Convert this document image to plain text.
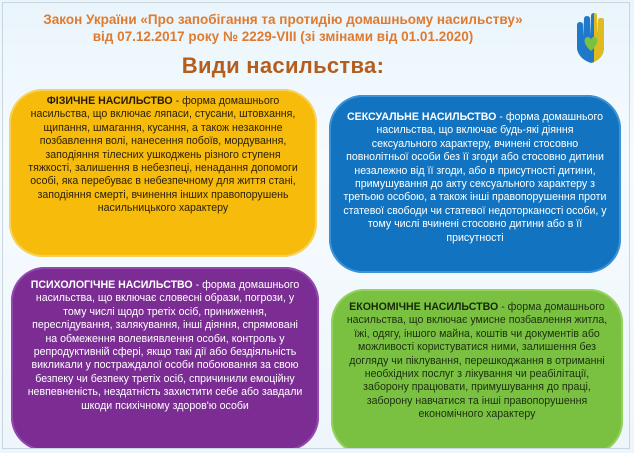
Закон України «Про запобігання та протидію домашньому насильству»
від 07.12.2017 року № 2229-VIII (зі змінами від 01.01.2020)
Види насильства:
ФІЗИЧНЕ НАСИЛЬСТВО - форма домашнього насильства, що включає ляпаси, стусани, штовхання, щипання, шмагання, кусання, а також незаконне позбавлення волі, нанесення побоїв, мордування, заподіяння тілесних ушкоджень різного ступеня тяжкості, залишення в небезпеці, ненадання допомоги особі, яка перебуває в небезпечному для життя стані, заподіяння смерті, вчинення інших правопорушень насильницького характеру
СЕКСУАЛЬНЕ НАСИЛЬСТВО - форма домашнього насильства, що включає будь-які діяння сексуального характеру, вчинені стосовно повнолітньої особи без її згоди або стосовно дитини незалежно від її згоди, або в присутності дитини, примушування до акту сексуального характеру з третьою особою, а також інші правопорушення проти статевої свободи чи статевої недоторканості особи, у тому числі вчинені стосовно дитини або в її присутності
ПСИХОЛОГІЧНЕ НАСИЛЬСТВО - форма домашнього насильства, що включає словесні образи, погрози, у тому числі щодо третіх осіб, приниження, переслідування, залякування, інші діяння, спрямовані на обмеження волевиявлення особи, контроль у репродуктивній сфері, якщо такі дії або бездіяльність викликали у постраждалої особи побоювання за свою безпеку чи безпеку третіх осіб, спричинили емоційну невпевненість, нездатність захистити себе або завдали шкоди психічному здоров'ю особи
ЕКОНОМІЧНЕ НАСИЛЬСТВО - форма домашнього насильства, що включає умисне позбавлення житла, їжі, одягу, іншого майна, коштів чи документів або можливості користуватися ними, залишення без догляду чи піклування, перешкоджання в отриманні необхідних послуг з лікування чи реабілітації, заборону працювати, примушування до праці, заборону навчатися та інші правопорушення економічного характеру
